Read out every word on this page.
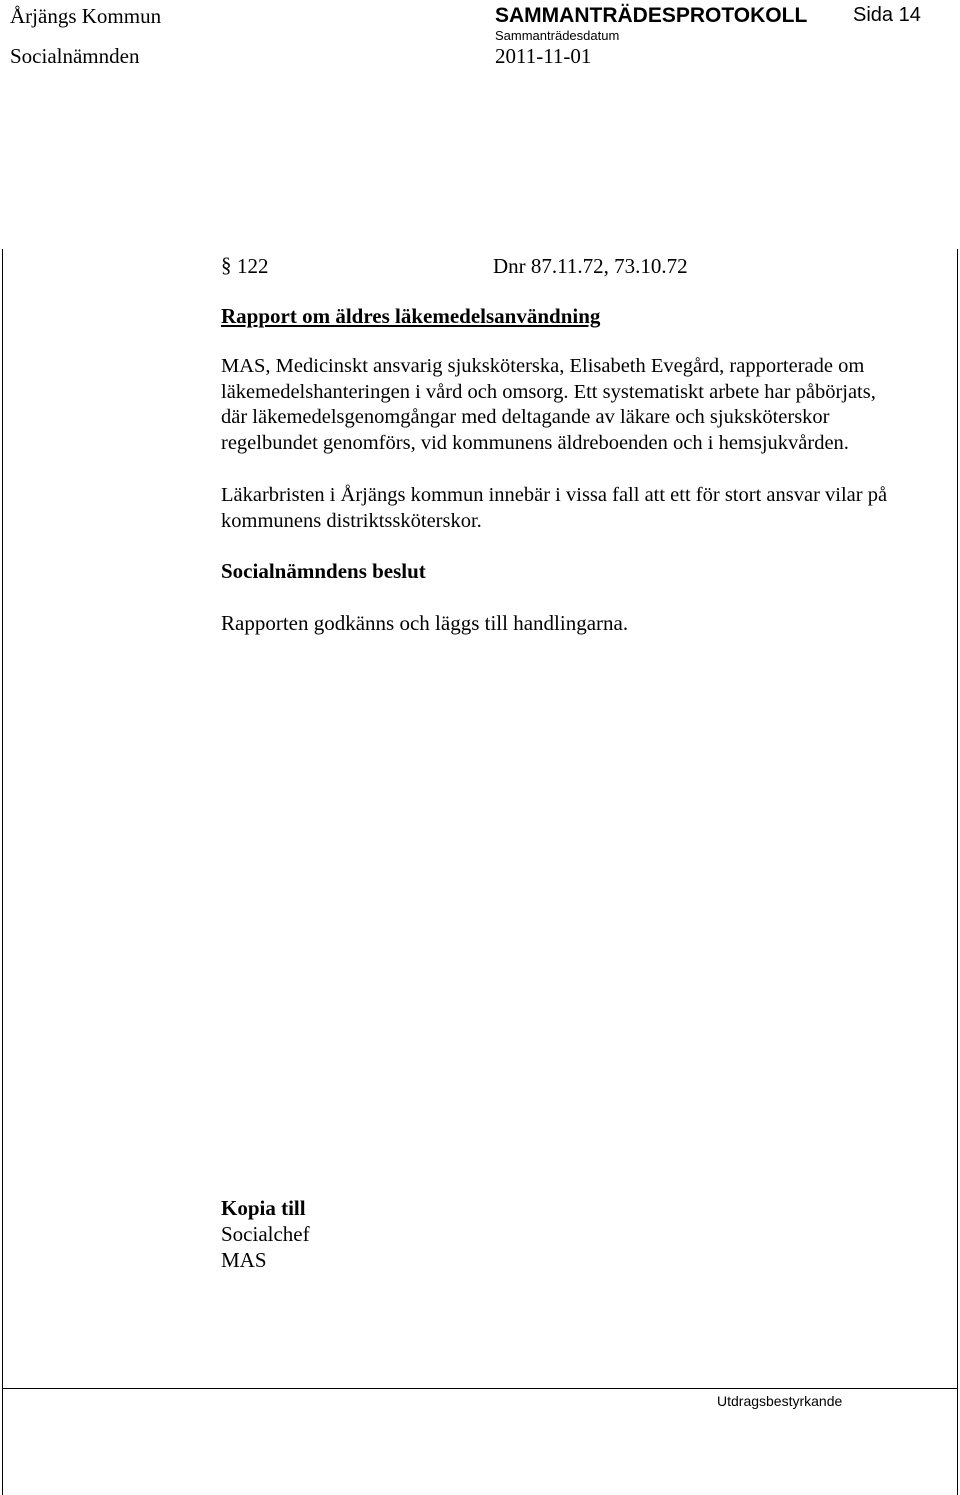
Årjängs Kommun	SAMMANTRÄDESPROTOKOLL Sida 14
Socialnämnden
Sammanträdesdatum
2011-11-01
§ 122	Dnr 87.11.72, 73.10.72
Rapport om äldres läkemedelsanvändning
MAS, Medicinskt ansvarig sjuksköterska, Elisabeth Evegård, rapporterade om
läkemedelshanteringen i vård och omsorg. Ett systematiskt arbete har påbörjats,
där läkemedelsgenomgångar med deltagande av läkare och sjuksköterskor
regelbundet genomförs, vid kommunens äldreboenden och i hemsjukvården.
Läkarbristen i Årjängs kommun innebär i vissa fall att ett för stort ansvar vilar på
kommunens distriktssköterskor.
Socialnämndens beslut
Rapporten godkänns och läggs till handlingarna.
Kopia till
Socialchef
MAS
Utdragsbestyrkande
